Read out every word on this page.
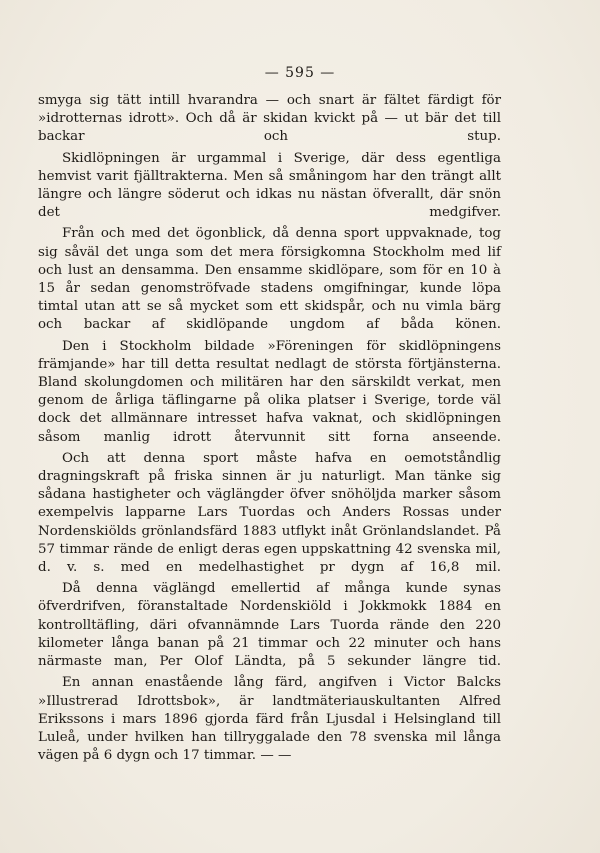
— 595 —

smyga sig tätt intill hvarandra — och snart är fältet färdigt för »idrotternas idrott». Och då är skidan kvickt på — ut bär det till backar och stup.

Skidlöpningen är urgammal i Sverige, där dess egentliga hemvist varit fjälltrakterna. Men så småningom har den trängt allt längre och längre söderut och idkas nu nästan öfverallt, där snön det medgifver.

Från och med det ögonblick, då denna sport uppvaknade, tog sig såväl det unga som det mera försigkomna Stockholm med lif och lust an densamma. Den ensamme skidlöpare, som för en 10 à 15 år sedan genomströfvade stadens omgifningar, kunde löpa timtal utan att se så mycket som ett skidspår, och nu vimla bärg och backar af skidlöpande ungdom af båda könen.

Den i Stockholm bildade »Föreningen för skidlöpningens främjande» har till detta resultat nedlagt de största förtjänsterna. Bland skolungdomen och militären har den särskildt verkat, men genom de årliga täflingarne på olika platser i Sverige, torde väl dock det allmännare intresset hafva vaknat, och skidlöpningen såsom manlig idrott återvunnit sitt forna anseende.

Och att denna sport måste hafva en oemotståndlig dragningskraft på friska sinnen är ju naturligt. Man tänke sig sådana hastigheter och väglängder öfver snöhöljda marker såsom exempelvis lapparne Lars Tuordas och Anders Rossas under Nordenskiölds grönlandsfärd 1883 utflykt inåt Grönlandslandet. På 57 timmar rände de enligt deras egen uppskattning 42 svenska mil, d. v. s. med en medelhastighet pr dygn af 16,8 mil.

Då denna väglängd emellertid af många kunde synas öfverdrifven, föranstaltade Nordenskiöld i Jokkmokk 1884 en kontrolltäfling, däri ofvannämnde Lars Tuorda rände den 220 kilometer långa banan på 21 timmar och 22 minuter och hans närmaste man, Per Olof Ländta, på 5 sekunder längre tid.

En annan enastående lång färd, angifven i Victor Balcks »Illustrerad Idrottsbok», är landtmäteriauskultanten Alfred Erikssons i mars 1896 gjorda färd från Ljusdal i Helsingland till Luleå, under hvilken han tillryggalade den 78 svenska mil långa vägen på 6 dygn och 17 timmar. — —
